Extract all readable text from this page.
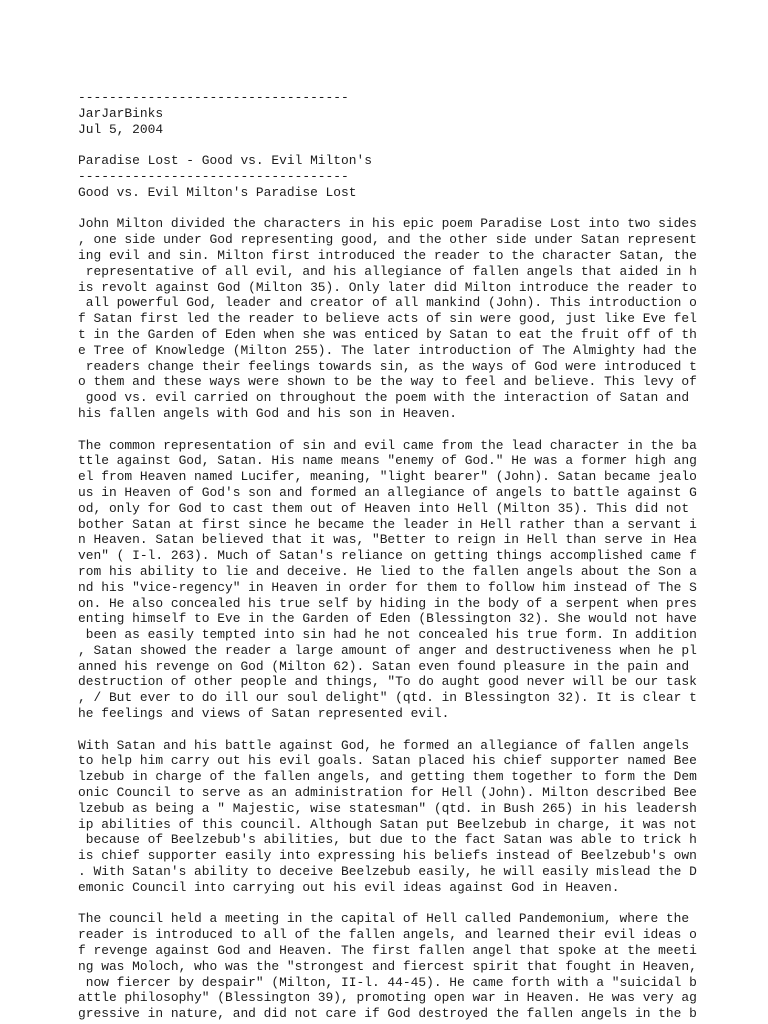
-----------------------------------
JarJarBinks
Jul 5, 2004
Paradise Lost - Good vs. Evil Milton's
-----------------------------------
Good vs. Evil Milton's Paradise Lost
John Milton divided the characters in his epic poem Paradise Lost into two sides
, one side under God representing good, and the other side under Satan represent
ing evil and sin. Milton first introduced the reader to the character Satan, the
representative of all evil, and his allegiance of fallen angels that aided in h
is revolt against God (Milton 35). Only later did Milton introduce the reader to
all powerful God, leader and creator of all mankind (John). This introduction o
f Satan first led the reader to believe acts of sin were good, just like Eve fel
t in the Garden of Eden when she was enticed by Satan to eat the fruit off of th
e Tree of Knowledge (Milton 255). The later introduction of The Almighty had the
readers change their feelings towards sin, as the ways of God were introduced t
o them and these ways were shown to be the way to feel and believe. This levy of
good vs. evil carried on throughout the poem with the interaction of Satan and
his fallen angels with God and his son in Heaven.
The common representation of sin and evil came from the lead character in the ba
ttle against God, Satan. His name means "enemy of God." He was a former high ang
el from Heaven named Lucifer, meaning, "light bearer" (John). Satan became jealo
us in Heaven of God's son and formed an allegiance of angels to battle against G
od, only for God to cast them out of Heaven into Hell (Milton 35). This did not
bother Satan at first since he became the leader in Hell rather than a servant i
n Heaven. Satan believed that it was, "Better to reign in Hell than serve in Hea
ven" ( I-l. 263). Much of Satan's reliance on getting things accomplished came f
rom his ability to lie and deceive. He lied to the fallen angels about the Son a
nd his "vice-regency" in Heaven in order for them to follow him instead of The S
on. He also concealed his true self by hiding in the body of a serpent when pres
enting himself to Eve in the Garden of Eden (Blessington 32). She would not have
been as easily tempted into sin had he not concealed his true form. In addition
, Satan showed the reader a large amount of anger and destructiveness when he pl
anned his revenge on God (Milton 62). Satan even found pleasure in the pain and
destruction of other people and things, "To do aught good never will be our task
, / But ever to do ill our soul delight" (qtd. in Blessington 32). It is clear t
he feelings and views of Satan represented evil.
With Satan and his battle against God, he formed an allegiance of fallen angels
to help him carry out his evil goals. Satan placed his chief supporter named Bee
lzebub in charge of the fallen angels, and getting them together to form the Dem
onic Council to serve as an administration for Hell (John). Milton described Bee
lzebub as being a " Majestic, wise statesman" (qtd. in Bush 265) in his leadersh
ip abilities of this council. Although Satan put Beelzebub in charge, it was not
because of Beelzebub's abilities, but due to the fact Satan was able to trick h
is chief supporter easily into expressing his beliefs instead of Beelzebub's own
. With Satan's ability to deceive Beelzebub easily, he will easily mislead the D
emonic Council into carrying out his evil ideas against God in Heaven.
The council held a meeting in the capital of Hell called Pandemonium, where the
reader is introduced to all of the fallen angels, and learned their evil ideas o
f revenge against God and Heaven. The first fallen angel that spoke at the meeti
ng was Moloch, who was the "strongest and fiercest spirit that fought in Heaven,
now fiercer by despair" (Milton, II-l. 44-45). He came forth with a "suicidal b
attle philosophy" (Blessington 39), promoting open war in Heaven. He was very ag
gressive in nature, and did not care if God destroyed the fallen angels in the b
